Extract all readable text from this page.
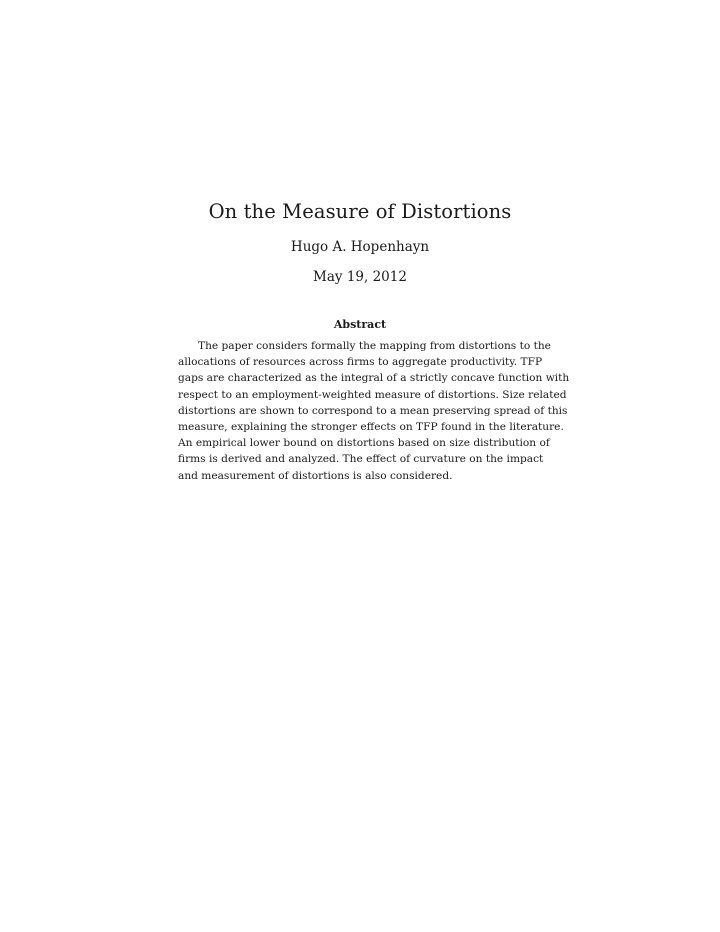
On the Measure of Distortions
Hugo A. Hopenhayn
May 19, 2012
Abstract
The paper considers formally the mapping from distortions to the
allocations of resources across firms to aggregate productivity. TFP
gaps are characterized as the integral of a strictly concave function with
respect to an employment-weighted measure of distortions. Size related
distortions are shown to correspond to a mean preserving spread of this
measure, explaining the stronger effects on TFP found in the literature.
An empirical lower bound on distortions based on size distribution of
firms is derived and analyzed. The effect of curvature on the impact
and measurement of distortions is also considered.
